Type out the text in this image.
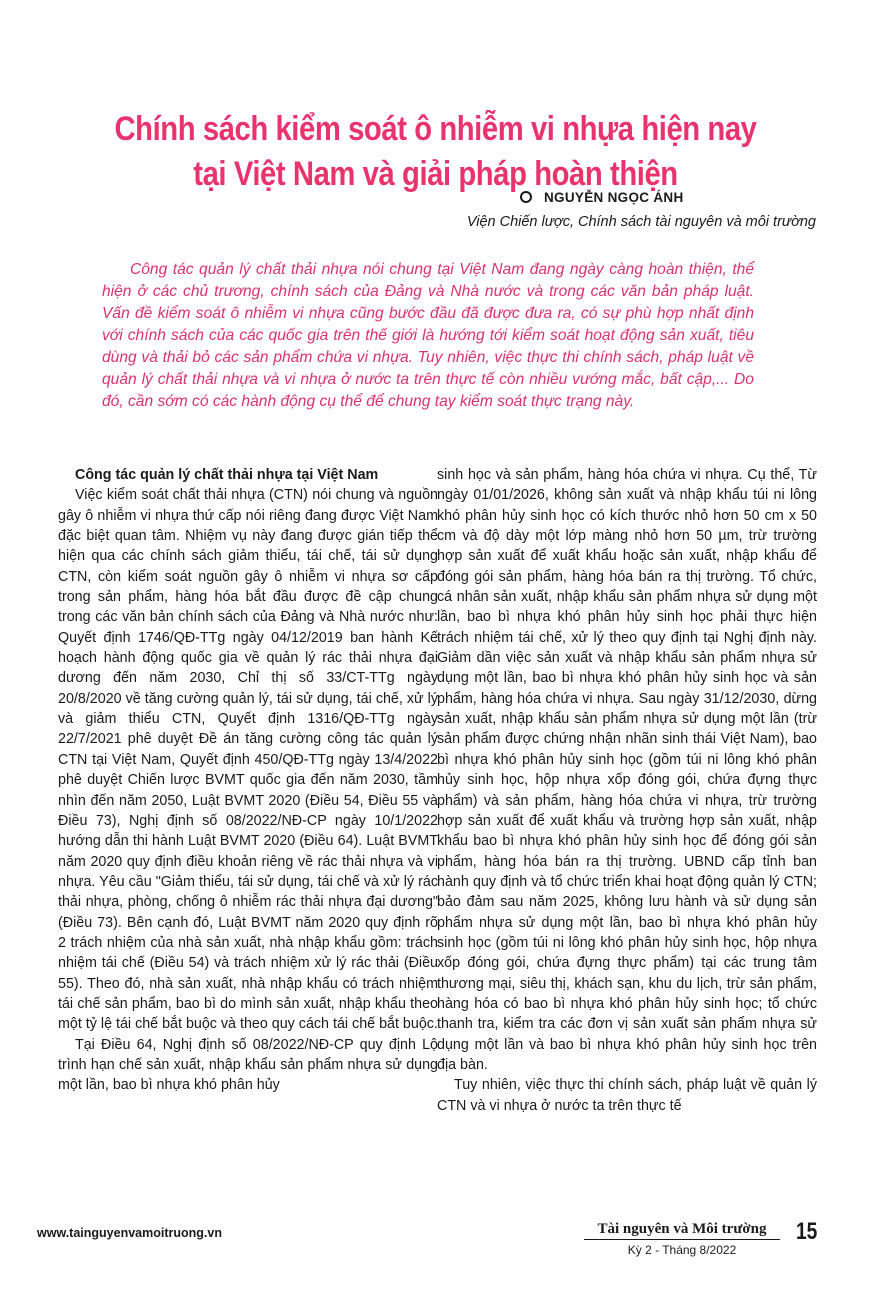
Chính sách kiểm soát ô nhiễm vi nhựa hiện nay
tại Việt Nam và giải pháp hoàn thiện
NGUYỄN NGỌC ÁNH
Viện Chiến lược, Chính sách tài nguyên và môi trường

Công tác quản lý chất thải nhựa nói chung tại Việt Nam đang ngày càng hoàn thiện, thể hiện ở các chủ trương, chính sách của Đảng và Nhà nước và trong các văn bản pháp luật. Vấn đề kiểm soát ô nhiễm vi nhựa cũng bước đầu đã được đưa ra, có sự phù hợp nhất định với chính sách của các quốc gia trên thế giới là hướng tới kiểm soát hoạt động sản xuất, tiêu dùng và thải bỏ các sản phẩm chứa vi nhựa. Tuy nhiên, việc thực thi chính sách, pháp luật về quản lý chất thải nhựa và vi nhựa ở nước ta trên thực tế còn nhiều vướng mắc, bất cập,... Do đó, cần sớm có các hành động cụ thể để chung tay kiểm soát thực trạng này.

Công tác quản lý chất thải nhựa tại Việt Nam

Việc kiểm soát chất thải nhựa (CTN) nói chung và nguồn gây ô nhiễm vi nhựa thứ cấp nói riêng đang được Việt Nam đặc biệt quan tâm. Nhiệm vụ này đang được gián tiếp thể hiện qua các chính sách giảm thiểu, tái chế, tái sử dụng CTN, còn kiểm soát nguồn gây ô nhiễm vi nhựa sơ cấp trong sản phẩm, hàng hóa bắt đầu được đề cập chung trong các văn bản chính sách của Đảng và Nhà nước như: Quyết định 1746/QĐ-TTg ngày 04/12/2019 ban hành Kế hoạch hành động quốc gia về quản lý rác thải nhựa đại dương đến năm 2030, Chỉ thị số 33/CT-TTg ngày 20/8/2020 về tăng cường quản lý, tái sử dụng, tái chế, xử lý và giảm thiểu CTN, Quyết định 1316/QĐ-TTg ngày 22/7/2021 phê duyệt Đề án tăng cường công tác quản lý CTN tại Việt Nam, Quyết định 450/QĐ-TTg ngày 13/4/2022 phê duyệt Chiến lược BVMT quốc gia đến năm 2030, tầm nhìn đến năm 2050, Luật BVMT 2020 (Điều 54, Điều 55 và Điều 73), Nghị định số 08/2022/NĐ-CP ngày 10/1/2022 hướng dẫn thi hành Luật BVMT 2020 (Điều 64). Luật BVMT năm 2020 quy định điều khoản riêng về rác thải nhựa và vi nhựa. Yêu cầu "Giảm thiểu, tái sử dụng, tái chế và xử lý rác thải nhựa, phòng, chống ô nhiễm rác thải nhựa đại dương" (Điều 73). Bên cạnh đó, Luật BVMT năm 2020 quy định rõ 2 trách nhiệm của nhà sản xuất, nhà nhập khẩu gồm: trách nhiệm tái chế (Điều 54) và trách nhiệm xử lý rác thải (Điều 55). Theo đó, nhà sản xuất, nhà nhập khẩu có trách nhiệm tái chế sản phẩm, bao bì do mình sản xuất, nhập khẩu theo một tỷ lệ tái chế bắt buộc và theo quy cách tái chế bắt buộc.

Tại Điều 64, Nghị định số 08/2022/NĐ-CP quy định Lộ trình hạn chế sản xuất, nhập khẩu sản phẩm nhựa sử dụng một lần, bao bì nhựa khó phân hủy

sinh học và sản phẩm, hàng hóa chứa vi nhựa. Cụ thể, Từ ngày 01/01/2026, không sản xuất và nhập khẩu túi ni lông khó phân hủy sinh học có kích thước nhỏ hơn 50 cm x 50 cm và độ dày một lớp màng nhỏ hơn 50 µm, trừ trường hợp sản xuất để xuất khẩu hoặc sản xuất, nhập khẩu để đóng gói sản phẩm, hàng hóa bán ra thị trường. Tổ chức, cá nhân sản xuất, nhập khẩu sản phẩm nhựa sử dụng một lần, bao bì nhựa khó phân hủy sinh học phải thực hiện trách nhiệm tái chế, xử lý theo quy định tại Nghị định này. Giảm dần việc sản xuất và nhập khẩu sản phẩm nhựa sử dụng một lần, bao bì nhựa khó phân hủy sinh học và sản phẩm, hàng hóa chứa vi nhựa. Sau ngày 31/12/2030, dừng sản xuất, nhập khẩu sản phẩm nhựa sử dụng một lần (trừ sản phẩm được chứng nhận nhãn sinh thái Việt Nam), bao bì nhựa khó phân hủy sinh học (gồm túi ni lông khó phân hủy sinh học, hộp nhựa xốp đóng gói, chứa đựng thực phẩm) và sản phẩm, hàng hóa chứa vi nhựa, trừ trường hợp sản xuất để xuất khẩu và trường hợp sản xuất, nhập khẩu bao bì nhựa khó phân hủy sinh học để đóng gói sản phẩm, hàng hóa bán ra thị trường. UBND cấp tỉnh ban hành quy định và tổ chức triển khai hoạt động quản lý CTN; bảo đảm sau năm 2025, không lưu hành và sử dụng sản phẩm nhựa sử dụng một lần, bao bì nhựa khó phân hủy sinh học (gồm túi ni lông khó phân hủy sinh học, hộp nhựa xốp đóng gói, chứa đựng thực phẩm) tại các trung tâm thương mại, siêu thị, khách sạn, khu du lịch, trừ sản phẩm, hàng hóa có bao bì nhựa khó phân hủy sinh học; tổ chức thanh tra, kiểm tra các đơn vị sản xuất sản phẩm nhựa sử dụng một lần và bao bì nhựa khó phân hủy sinh học trên địa bàn.

Tuy nhiên, việc thực thi chính sách, pháp luật về quản lý CTN và vi nhựa ở nước ta trên thực tế

www.tainguyenvamoitruong.vn	Tài nguyên và Môi trường
Kỳ 2 - Tháng 8/2022
15
